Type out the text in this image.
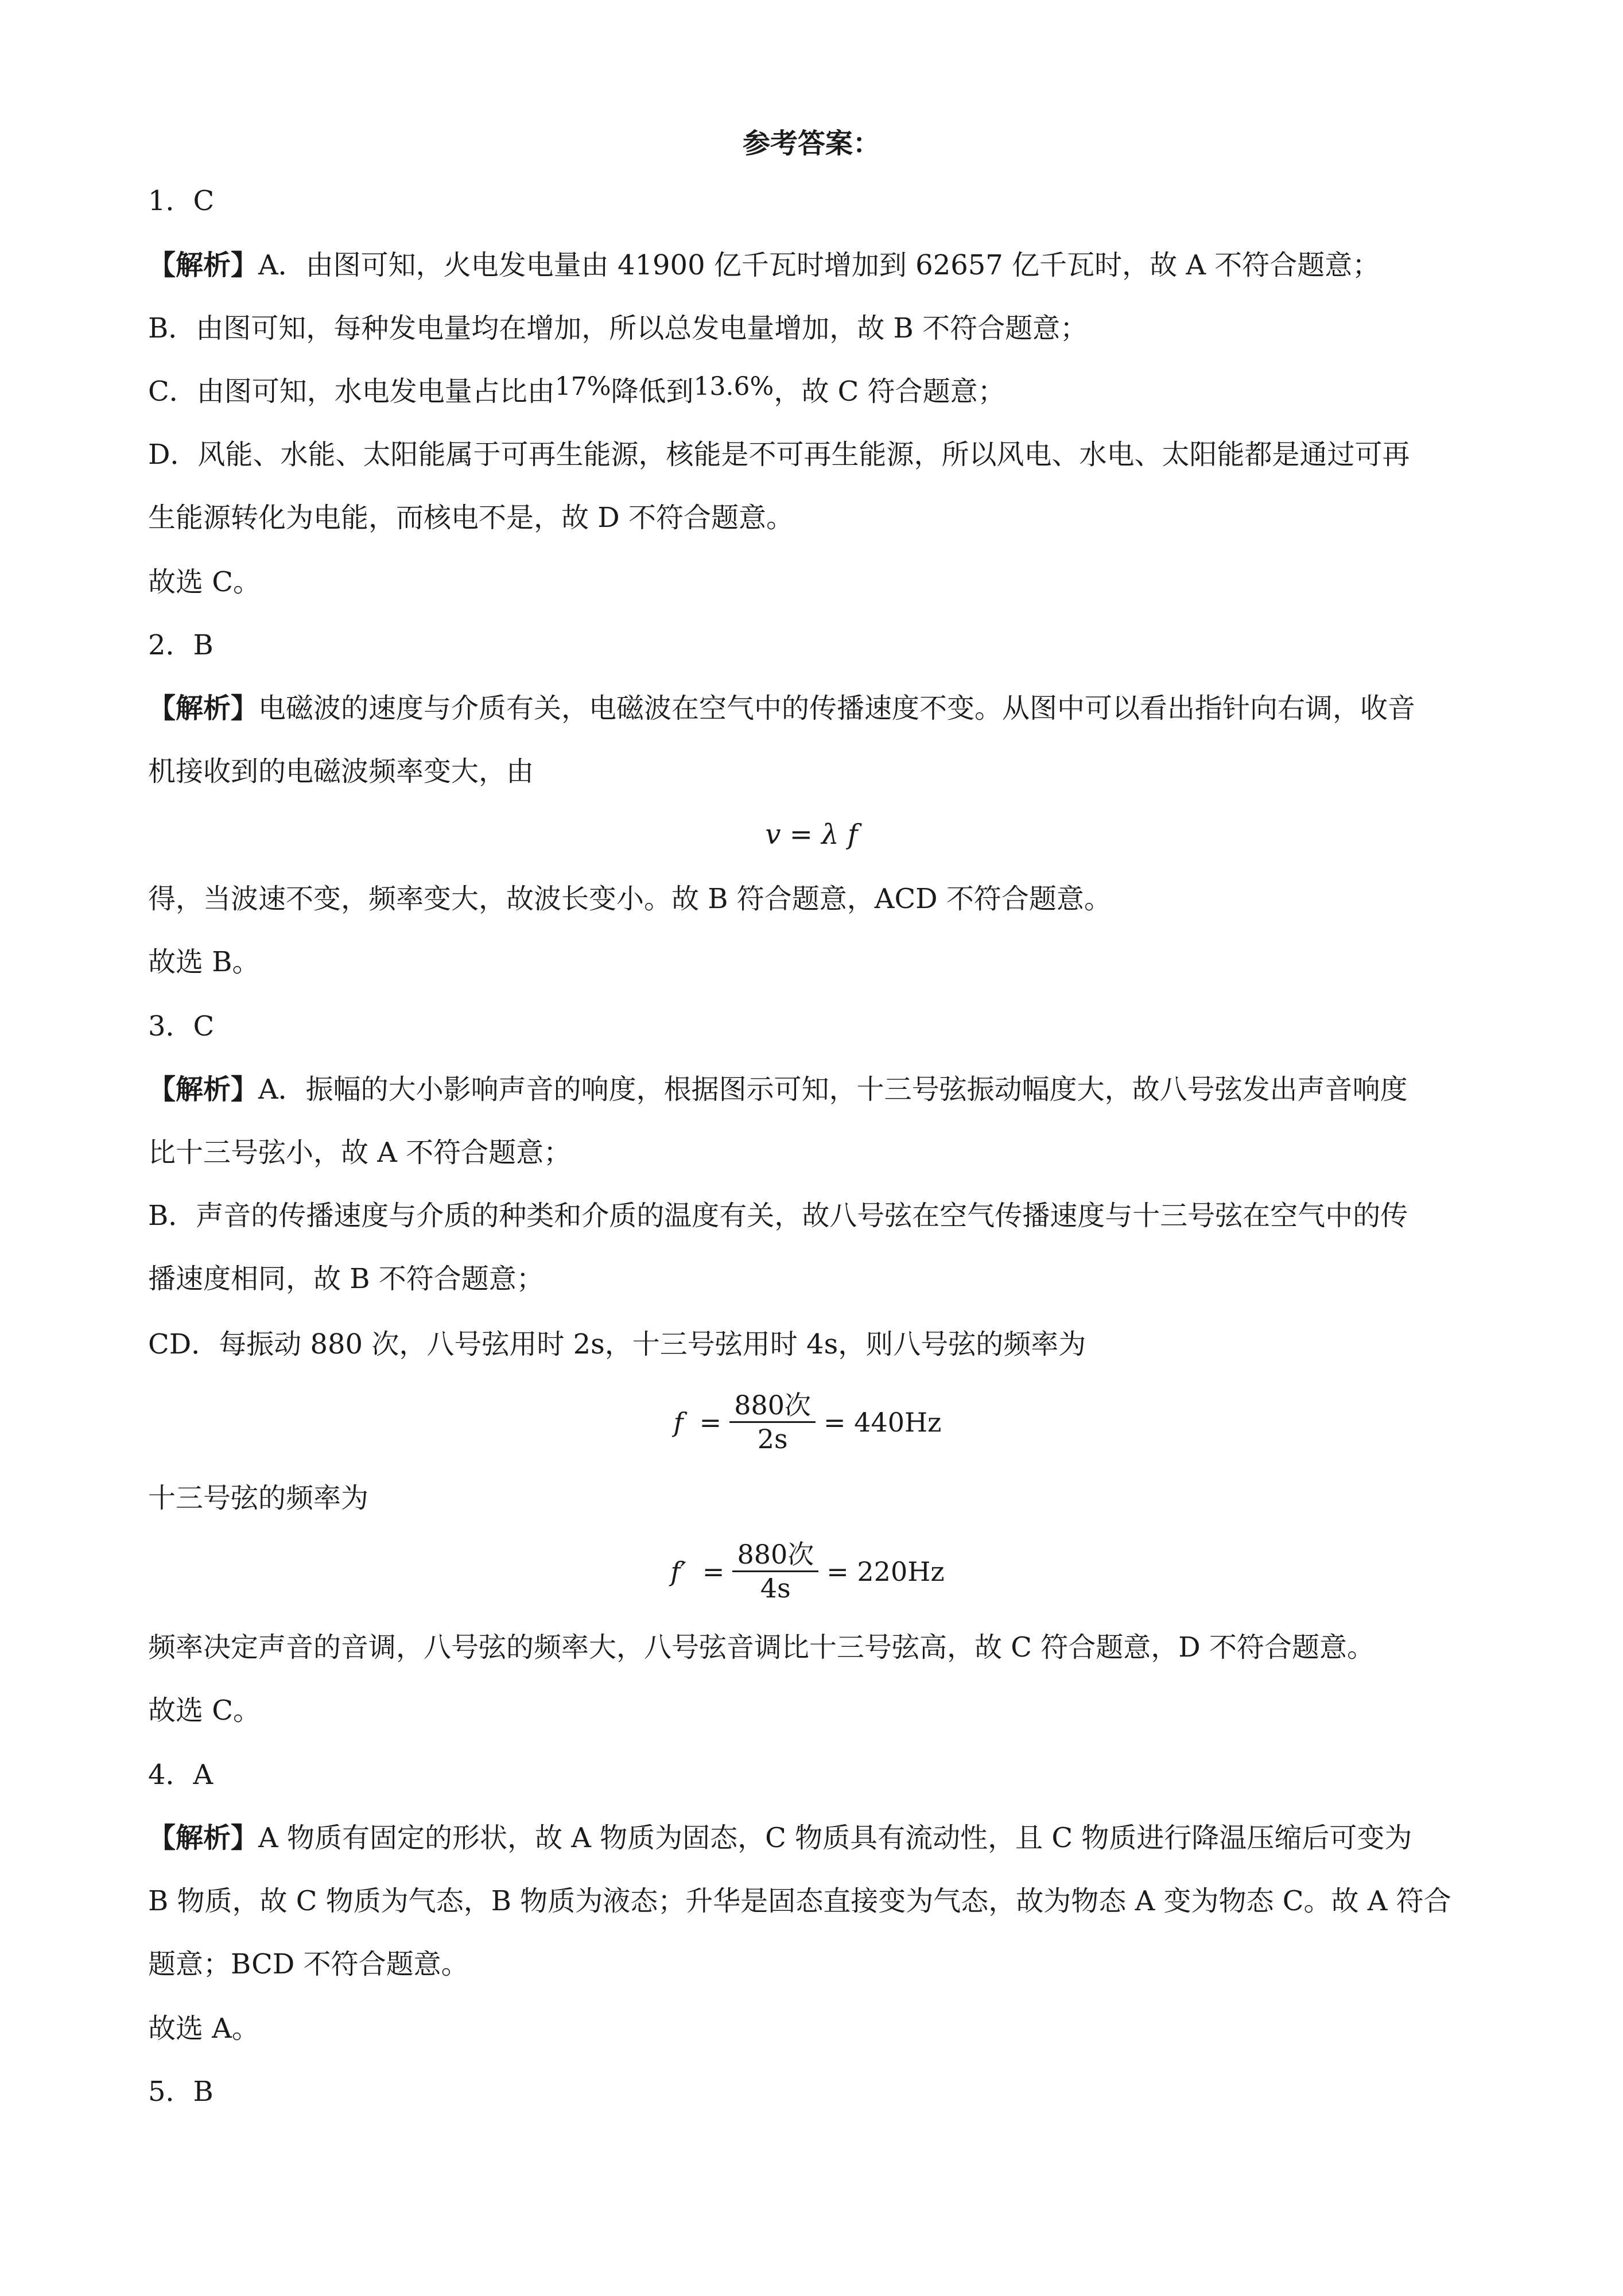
参考答案：
1．C
【解析】A．由图可知，火电发电量由 41900 亿千瓦时增加到 62657 亿千瓦时，故 A 不符合题意；
B．由图可知，每种发电量均在增加，所以总发电量增加，故 B 不符合题意；
C．由图可知，水电发电量占比由17%降低到13.6%，故 C 符合题意；
D．风能、水能、太阳能属于可再生能源，核能是不可再生能源，所以风电、水电、太阳能都是通过可再
生能源转化为电能，而核电不是，故 D 不符合题意。
故选 C。
2．B
【解析】电磁波的速度与介质有关，电磁波在空气中的传播速度不变。从图中可以看出指针向右调，收音
机接收到的电磁波频率变大，由
v = λ f
得，当波速不变，频率变大，故波长变小。故 B 符合题意，ACD 不符合题意。
故选 B。
3．C
【解析】A．振幅的大小影响声音的响度，根据图示可知，十三号弦振动幅度大，故八号弦发出声音响度
比十三号弦小，故 A 不符合题意；
B．声音的传播速度与介质的种类和介质的温度有关，故八号弦在空气传播速度与十三号弦在空气中的传
播速度相同，故 B 不符合题意；
CD．每振动 880 次，八号弦用时 2s，十三号弦用时 4s，则八号弦的频率为
$f = \frac{\text{880次}}{2s} = 440Hz$
十三号弦的频率为
$f' = \frac{\text{880次}}{4s} = 220Hz$
频率决定声音的音调，八号弦的频率大，八号弦音调比十三号弦高，故 C 符合题意，D 不符合题意。
故选 C。
4．A
【解析】A 物质有固定的形状，故 A 物质为固态，C 物质具有流动性，且 C 物质进行降温压缩后可变为
B 物质，故 C 物质为气态，B 物质为液态；升华是固态直接变为气态，故为物态 A 变为物态 C。故 A 符合
题意；BCD 不符合题意。
故选 A。
5．B
